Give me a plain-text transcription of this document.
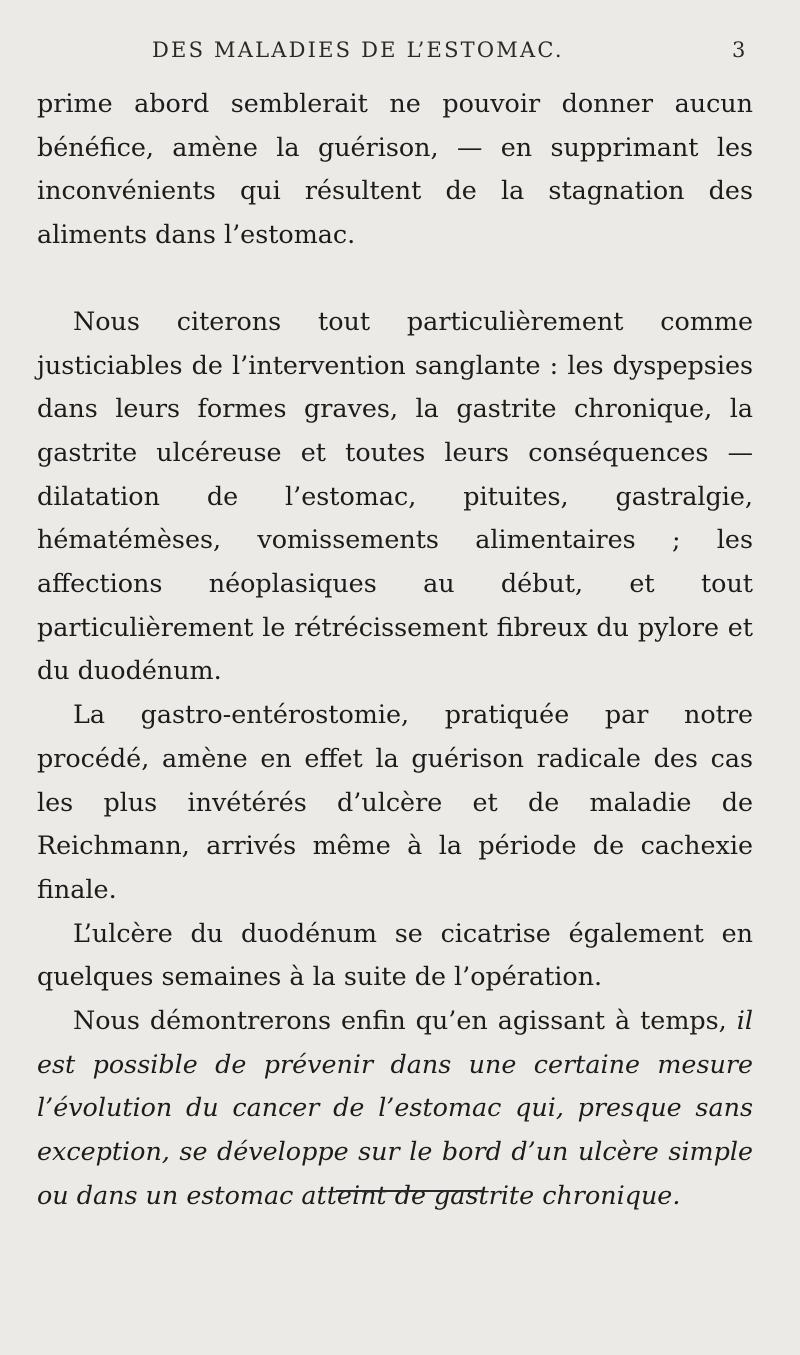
DES MALADIES DE L’ESTOMAC.	3

prime abord semblerait ne pouvoir donner aucun bénéfice, amène la guérison, — en supprimant les inconvénients qui résultent de la stagnation des aliments dans l’estomac.

Nous citerons tout particulièrement comme justiciables de l’intervention sanglante : les dyspepsies dans leurs formes graves, la gastrite chronique, la gastrite ulcéreuse et toutes leurs conséquences — dilatation de l’estomac, pituites, gastralgie, hématémèses, vomissements alimentaires ; les affections néoplasiques au début, et tout particulièrement le rétrécissement fibreux du pylore et du duodénum.

La gastro-entérostomie, pratiquée par notre procédé, amène en effet la guérison radicale des cas les plus invétérés d’ulcère et de maladie de Reichmann, arrivés même à la période de cachexie finale.

L’ulcère du duodénum se cicatrise également en quelques semaines à la suite de l’opération.

Nous démontrerons enfin qu’en agissant à temps, il est possible de prévenir dans une certaine mesure l’évolution du cancer de l’estomac qui, presque sans exception, se développe sur le bord d’un ulcère simple ou dans un estomac atteint de gastrite chronique.
